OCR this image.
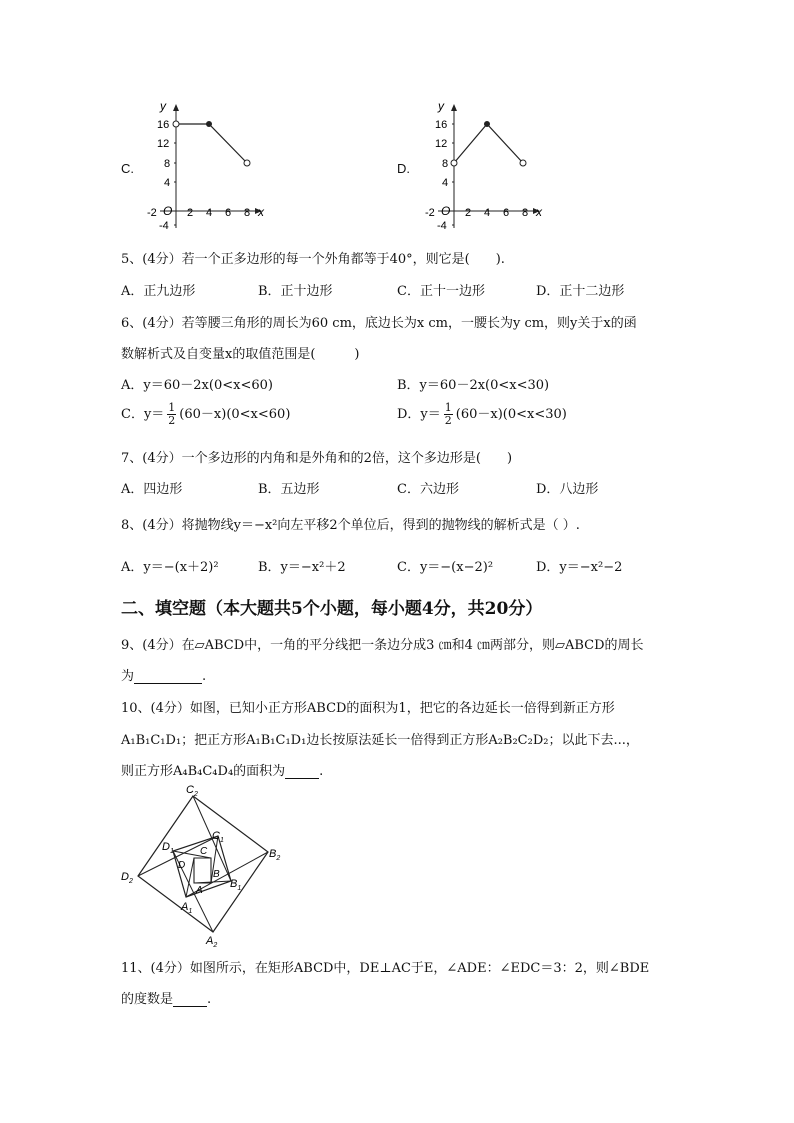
C.
y
x
O
16
12
8
4
-4
-2	2 4 6 8
D.
y
x
O
16
12
8
4
-4
-2	2 4 6 8
5、(4分）若一个正多边形的每一个外角都等于40°，则它是(　　).
A．正九边形	B．正十边形	C．正十一边形	D．正十二边形
6、(4分）若等腰三角形的周长为60 cm，底边长为x cm，一腰长为y cm，则y关于x的函
数解析式及自变量x的取值范围是(　　　)
A．y＝60－2x(0<x<60)	B．y＝60－2x(0<x<30)
C．$y= \frac{1}{2} (60-x)(0<x<60)$	D．$y= \frac{1}{2} (60-x)(0<x<30)$
7、(4分）一个多边形的内角和是外角和的2倍，这个多边形是(　　)
A．四边形	B．五边形	C．六边形	D．八边形
8、(4分）将抛物线y＝−x²向左平移2个单位后，得到的抛物线的解析式是（ ）.
A．y＝−(x＋2)²	B．y＝−x²＋2	C．y＝−(x−2)²	D．y＝−x²−2
二、填空题（本大题共5个小题，每小题4分，共20分）
9、(4分）在▱ABCD中，一角的平分线把一条边分成3 ㎝和4 ㎝两部分，则▱ABCD的周长
为	.
10、(4分）如图，已知小正方形ABCD的面积为1，把它的各边延长一倍得到新正方形
A₁B₁C₁D₁；把正方形A₁B₁C₁D₁边长按原法延长一倍得到正方形A₂B₂C₂D₂；以此下去...，
则正方形A₄B₄C₄D₄的面积为	.
$C_2$
$C_1$
$D_1$	C
D
B
$B_2$
$D_2$
A
$B_1$
$A_1$
$A_2$
11、(4分）如图所示，在矩形ABCD中，DE⊥AC于E，∠ADE：∠EDC＝3：2，则∠BDE
的度数是	.
